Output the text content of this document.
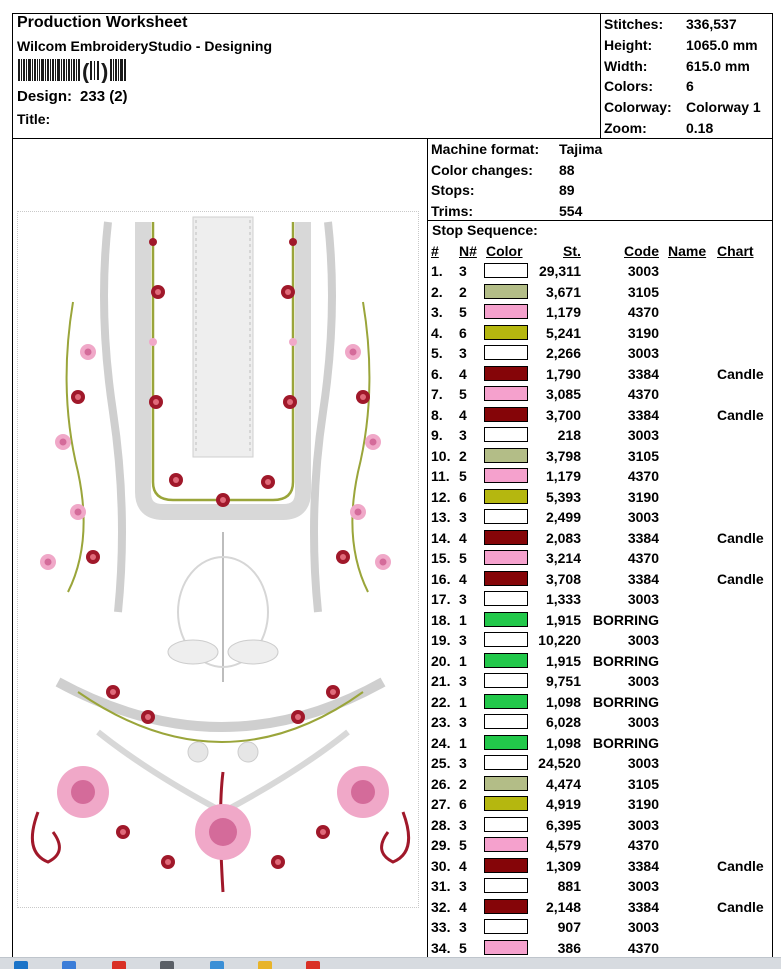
Production Worksheet
Wilcom EmbroideryStudio - Designing
( )
Design: 233 (2)
Title:
Stitches: 336,537
Height: 1065.0 mm
Width:	615.0 mm
Colors: 6
Colorway: Colorway 1
Zoom:	0.18
Machine format: Tajima
Color changes: 88
Stops:	89
Trims:	554
Stop Sequence:
# N# Color	St.	Code Name Chart
1. 3	29,311	3003
2. 2	3,671	3105
3. 5	1,179	4370
4. 6	5,241	3190
5. 3	2,266	3003
6. 4	1,790	3384	Candle
7. 5	3,085	4370
8. 4	3,700	3384	Candle
9. 3	218	3003
10. 2	3,798	3105
11. 5	1,179	4370
12. 6	5,393	3190
13. 3	2,499	3003
14. 4	2,083	3384	Candle
15. 5	3,214	4370
16. 4	3,708	3384	Candle
17. 3	1,333	3003
18. 1	1,915 BORRING
19. 3	10,220	3003
20. 1	1,915 BORRING
21. 3	9,751	3003
22. 1	1,098 BORRING
23. 3	6,028	3003
24. 1	1,098 BORRING
25. 3	24,520	3003
26. 2	4,474	3105
27. 6	4,919	3190
28. 3	6,395	3003
29. 5	4,579	4370
30. 4	1,309	3384	Candle
31. 3	881	3003
32. 4	2,148	3384	Candle
33. 3	907	3003
34. 5	386	4370
